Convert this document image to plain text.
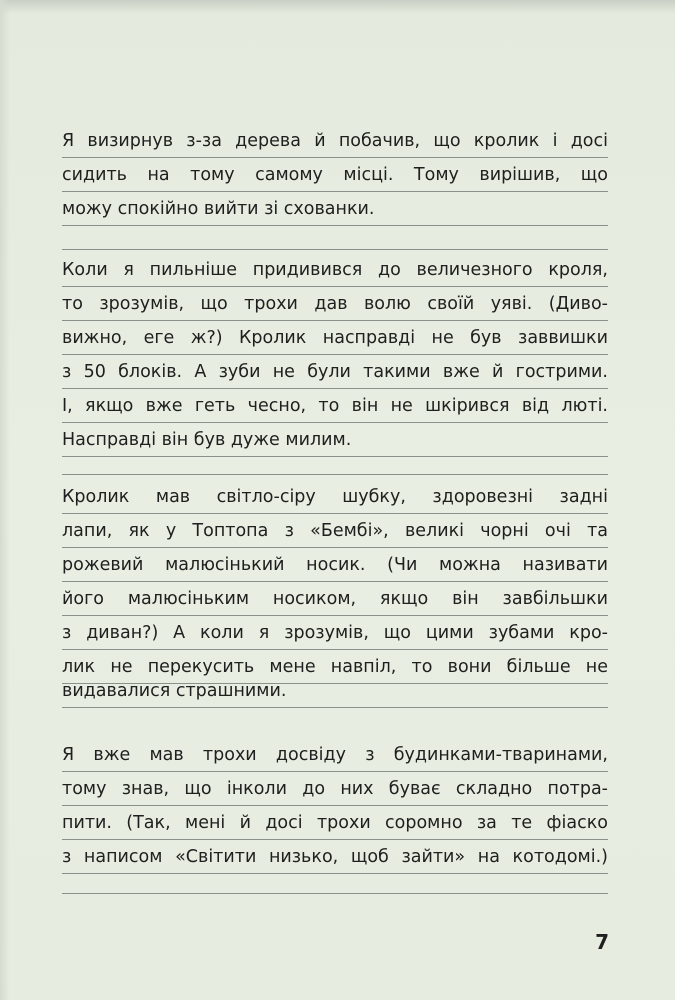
Я визирнув з-за дерева й побачив, що кролик і досі
сидить на тому самому місці. Тому вирішив, що
можу спокійно вийти зі схованки.
Коли я пильніше придивився до величезного кроля,
то зрозумів, що трохи дав волю своїй уяві. (Диво-
вижно, еге ж?) Кролик насправді не був заввишки
з 50 блоків. А зуби не були такими вже й гострими.
І, якщо вже геть чесно, то він не шкірився від люті.
Насправді він був дуже милим.
Кролик мав світло-сіру шубку, здоровезні задні
лапи, як у Топтопа з «Бембі», великі чорні очі та
рожевий малюсінький носик. (Чи можна називати
його малюсіньким носиком, якщо він завбільшки
з диван?) А коли я зрозумів, що цими зубами кро-
лик не перекусить мене навпіл, то вони більше не
видавалися страшними.
Я вже мав трохи досвіду з будинками-тваринами,
тому знав, що інколи до них буває складно потра-
пити. (Так, мені й досі трохи соромно за те фіаско
з написом «Світити низько, щоб зайти» на котодомі.)
7
